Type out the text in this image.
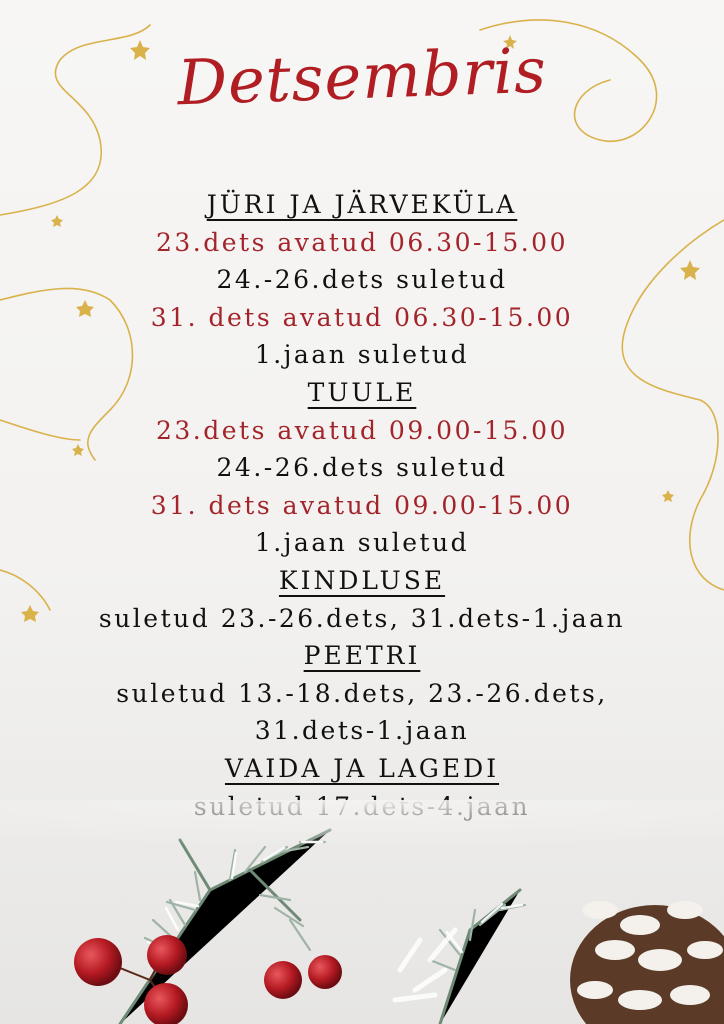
Detsembris
JÜRI JA JÄRVEKÜLA
23.dets avatud 06.30-15.00
24.-26.dets suletud
31. dets avatud 06.30-15.00
1.jaan suletud
TUULE
23.dets avatud 09.00-15.00
24.-26.dets suletud
31. dets avatud 09.00-15.00
1.jaan suletud
KINDLUSE
suletud 23.-26.dets, 31.dets-1.jaan
PEETRI
suletud 13.-18.dets, 23.-26.dets,
31.dets-1.jaan
VAIDA JA LAGEDI
